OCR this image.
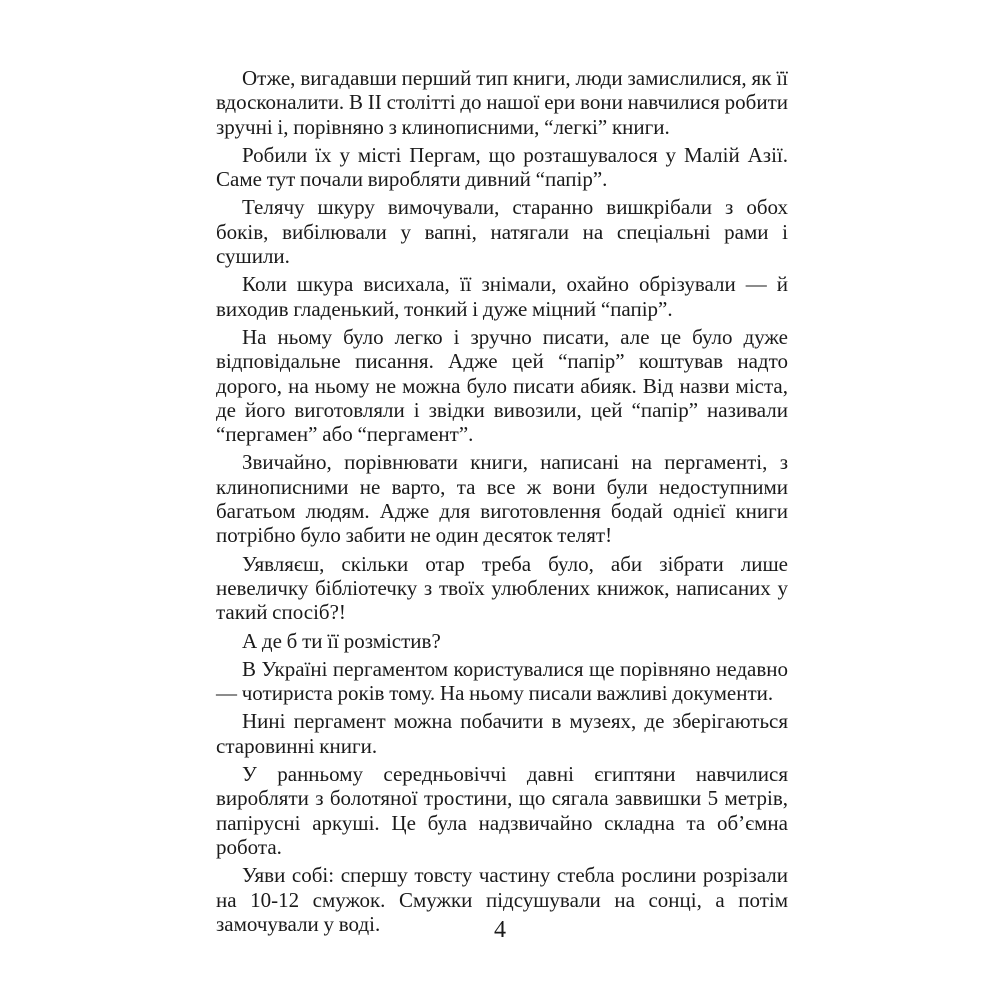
Отже, вигадавши перший тип книги, люди замислилися, як її вдосконалити. В ІІ столітті до нашої ери вони навчилися робити зручні і, порівняно з клинописними, “легкі” книги.

Робили їх у місті Пергам, що розташувалося у Малій Азії. Саме тут почали виробляти дивний “папір”.

Телячу шкуру вимочували, старанно вишкрібали з обох боків, вибілювали у вапні, натягали на спеціальні рами і сушили.

Коли шкура висихала, її знімали, охайно обрізували — й виходив гладенький, тонкий і дуже міцний “папір”.

На ньому було легко і зручно писати, але це було дуже відповідальне писання. Адже цей “папір” коштував надто дорого, на ньому не можна було писати абияк. Від назви міста, де його виготовляли і звідки вивозили, цей “папір” називали “пергамен” або “пергамент”.

Звичайно, порівнювати книги, написані на пергаменті, з клинописними не варто, та все ж вони були недоступними багатьом людям. Адже для виготовлення бодай однієї книги потрібно було забити не один десяток телят!

Уявляєш, скільки отар треба було, аби зібрати лише невеличку бібліотечку з твоїх улюблених книжок, написаних у такий спосіб?!

А де б ти її розмістив?

В Україні пергаментом користувалися ще порівняно недавно — чотириста років тому. На ньому писали важливі документи.

Нині пергамент можна побачити в музеях, де зберігаються старовинні книги.

У ранньому середньовіччі давні єгиптяни навчилися виробляти з болотяної тростини, що сягала заввишки 5 метрів, папірусні аркуші. Це була надзвичайно складна та об’ємна робота.

Уяви собі: спершу товсту частину стебла рослини розрізали на 10-12 смужок. Смужки підсушували на сонці, а потім замочували у воді.	4
